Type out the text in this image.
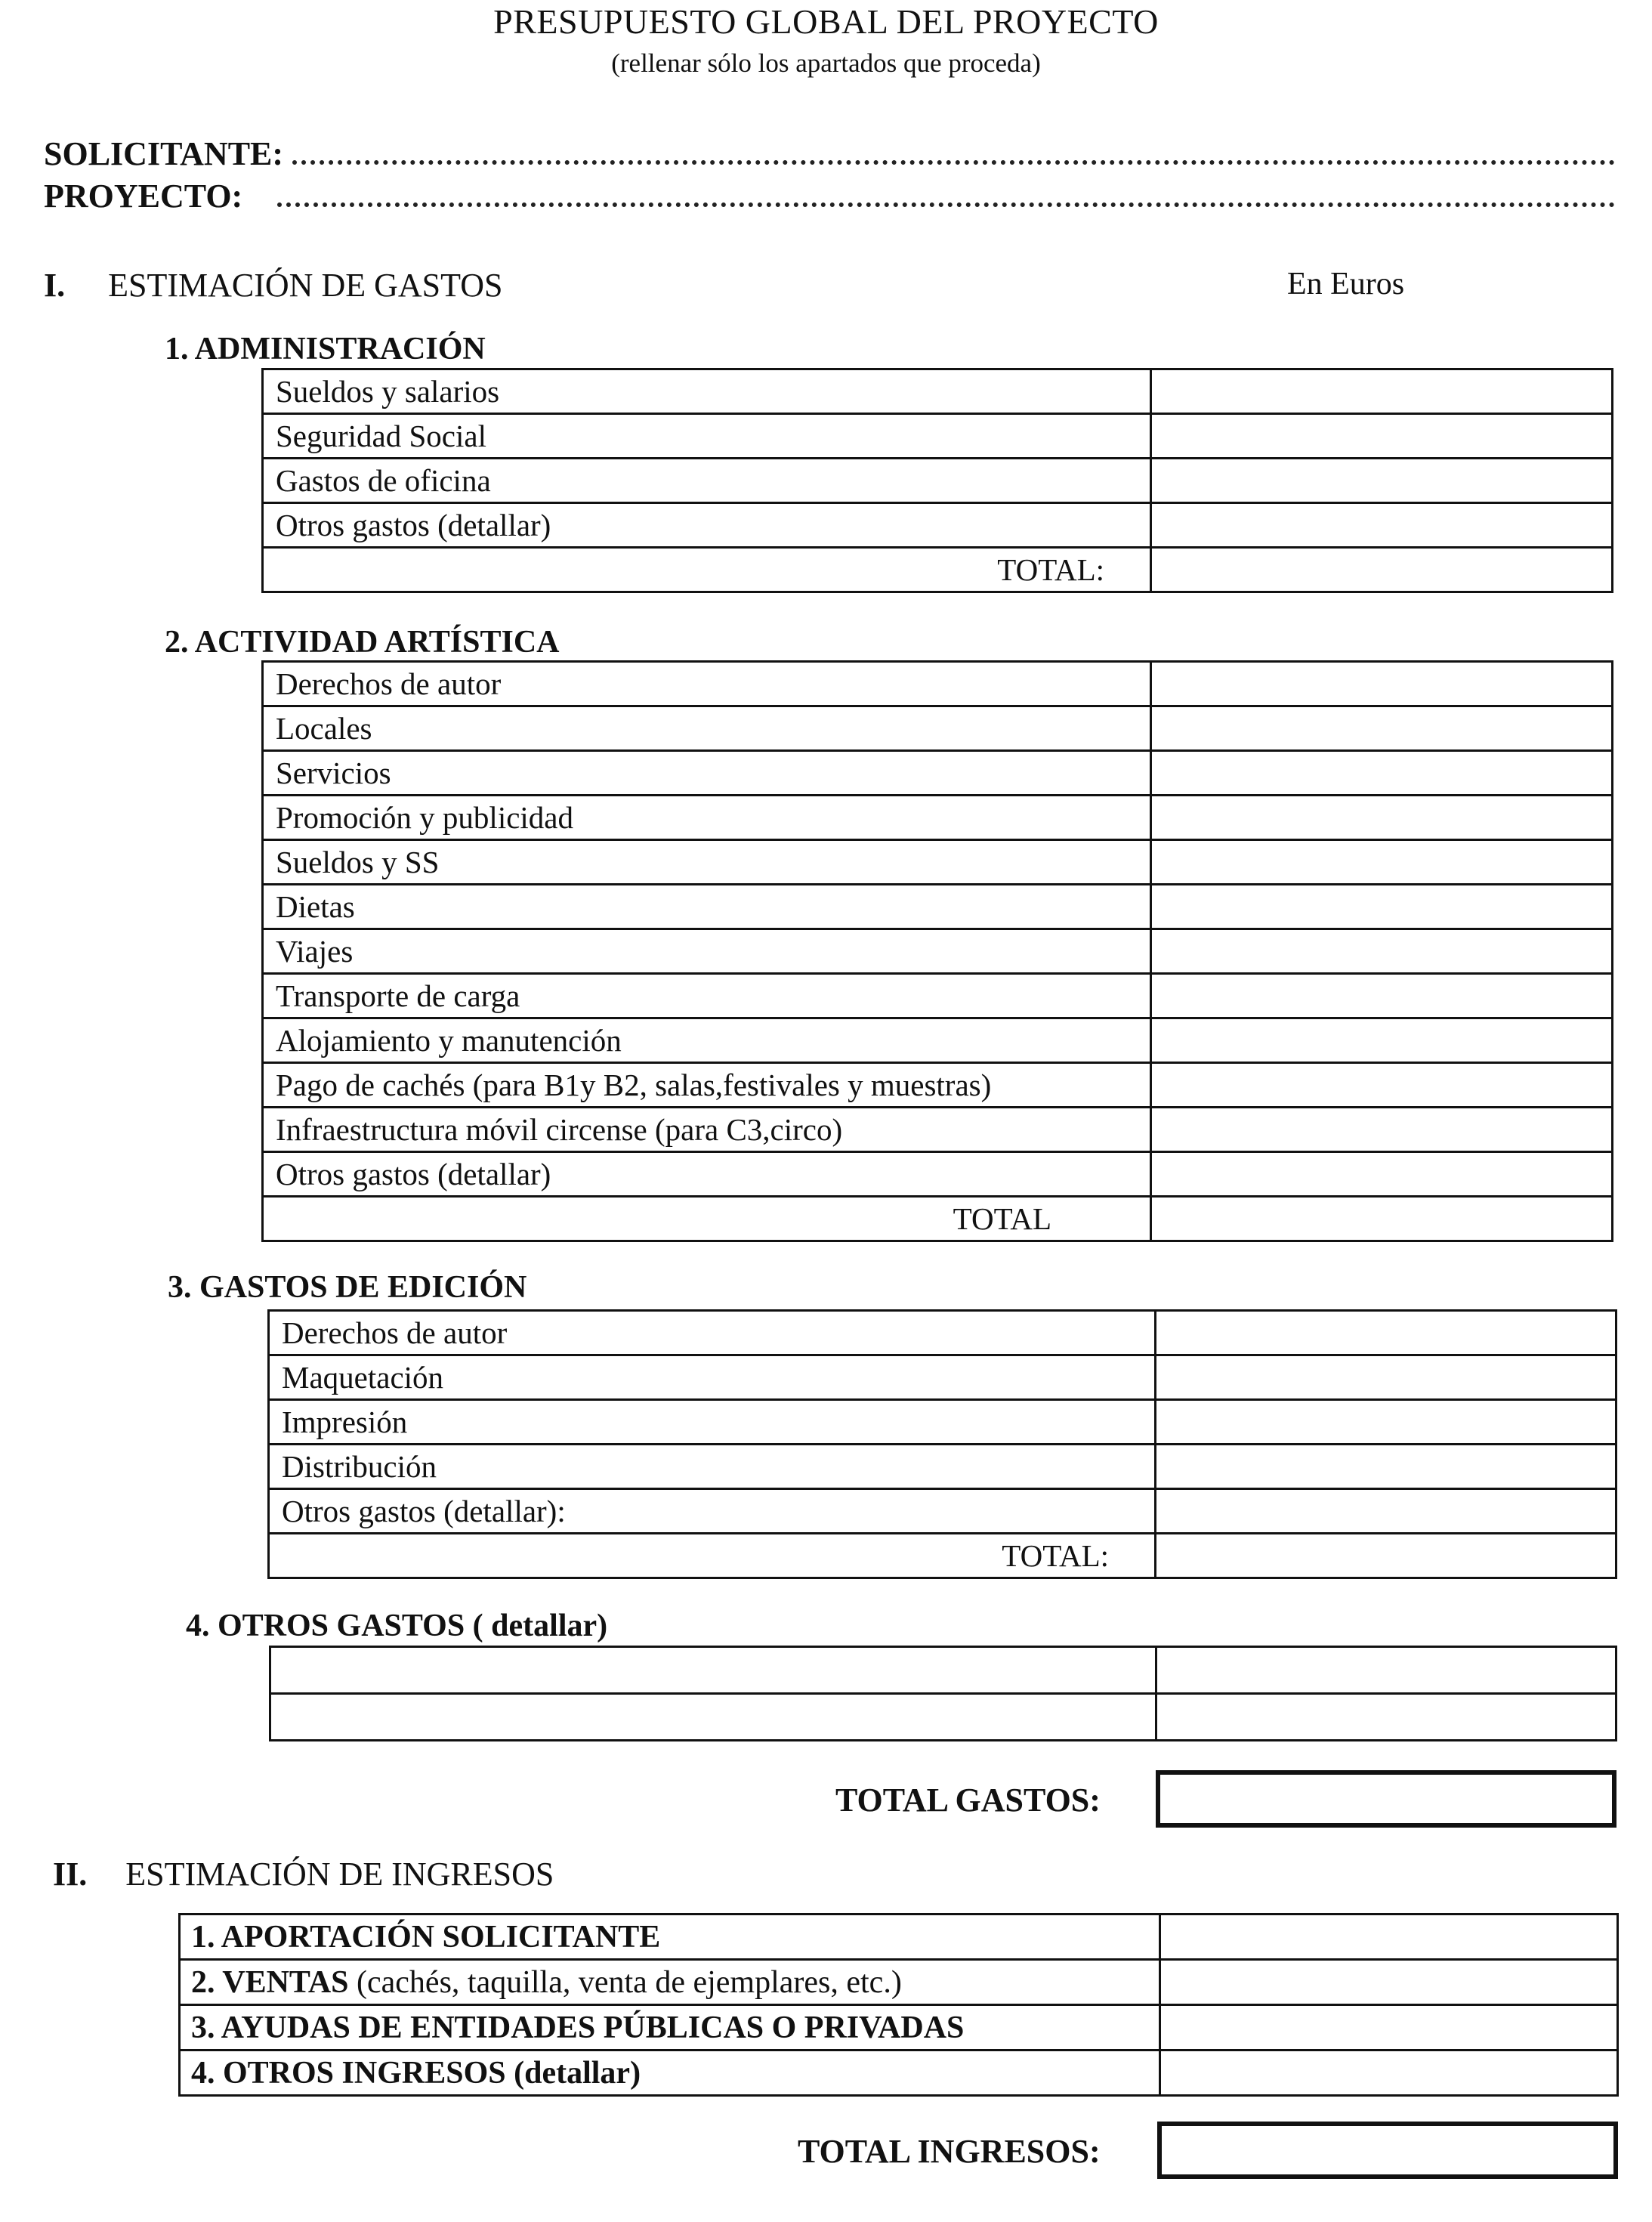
PRESUPUESTO GLOBAL DEL PROYECTO
(rellenar sólo los apartados que proceda)
SOLICITANTE:
PROYECTO:
I. ESTIMACIÓN DE GASTOS	En Euros
1. ADMINISTRACIÓN
Sueldos y salarios	
Seguridad Social	
Gastos de oficina	
Otros gastos (detallar)	
TOTAL:	
2. ACTIVIDAD ARTÍSTICA
Derechos de autor	
Locales	
Servicios	
Promoción y publicidad	
Sueldos y SS	
Dietas	
Viajes	
Transporte de carga	
Alojamiento y manutención	
Pago de cachés (para B1y B2, salas,festivales y muestras)	
Infraestructura móvil circense (para C3,circo)	
Otros gastos (detallar)	
TOTAL	
3. GASTOS DE EDICIÓN
Derechos de autor	
Maquetación	
Impresión	
Distribución	
Otros gastos (detallar):	
TOTAL:	
4. OTROS GASTOS ( detallar)

TOTAL GASTOS:
II. ESTIMACIÓN DE INGRESOS
1. APORTACIÓN SOLICITANTE	
2. VENTAS (cachés, taquilla, venta de ejemplares, etc.)	
3. AYUDAS DE ENTIDADES PÚBLICAS O PRIVADAS	
4. OTROS INGRESOS (detallar)	
TOTAL INGRESOS:
